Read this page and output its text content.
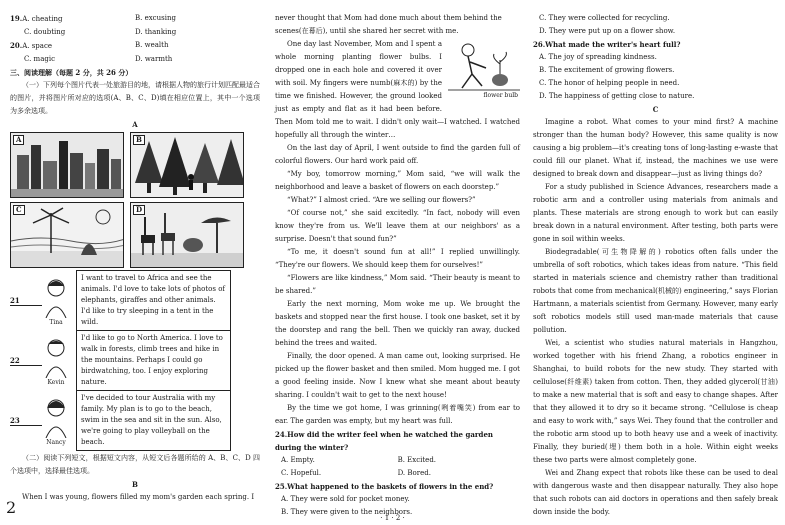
19.A. cheating	B. excusing
C. doubting	D. thanking
20.A. space	B. wealth
C. magic	D. warmth
三、阅读理解（每题 2 分，共 26 分）

（一）下列每个图片代表一处旅游目的地，请根据人物的旅行计划匹配最适合的图片，并将图片所对应的选项(A、B、C、D)填在相应位置上，其中一个选项为多余选项。

A
A	B
C	D
21
Tina
I want to travel to Africa and see the animals. I'd love to take lots of photos of elephants, giraffes and other animals. I'd like to try sleeping in a tent in the wild.
22
Kevin
I'd like to go to North America. I love to walk in forests, climb trees and hike in the mountains. Perhaps I could go birdwatching, too. I enjoy exploring nature.
23
Nancy
I've decided to tour Australia with my family. My plan is to go to the beach, swim in the sea and sit in the sun. Also, we're going to play volleyball on the beach.

（二）阅读下列短文，根据短文内容，从短文后各题所给的 A、B、C、D 四个选项中，选择最佳选项。

B

When I was young, flowers filled my mom's garden each spring. I

never thought that Mom had done much about them behind the scenes(在幕后), until she shared her secret with me.

flower bulb

One day last November, Mom and I spent a whole morning planting flower bulbs. I dropped one in each hole and covered it over with soil. My fingers were numb(麻木的) by the time we finished. However, the ground looked just as empty and flat as it had been before. Then Mom told me to wait. I didn't only wait—I watched. I watched hopefully all through the winter…

On the last day of April, I went outside to find the garden full of colorful flowers. Our hard work paid off.

“My boy, tomorrow morning,” Mom said, “we will walk the neighborhood and leave a basket of flowers on each doorstep.”

“What?” I almost cried. “Are we selling our flowers?”

“Of course not,” she said excitedly. “In fact, nobody will even know they're from us. We'll leave them at our neighbors' as a surprise. Doesn't that sound fun?”

“To me, it doesn't sound fun at all!” I replied unwillingly. “They're our flowers. We should keep them for ourselves!”

“Flowers are like kindness,” Mom said. “Their beauty is meant to be shared.”

Early the next morning, Mom woke me up. We brought the baskets and stopped near the first house. I took one basket, set it by the doorstep and rang the bell. Then we quickly ran away, ducked behind the trees and waited.

Finally, the door opened. A man came out, looking surprised. He picked up the flower basket and then smiled. Mom hugged me. I got a good feeling inside. Now I knew what she meant about beauty sharing. I couldn't wait to get to the next house!

By the time we got home, I was grinning(咧着嘴笑) from ear to ear. The garden was empty, but my heart was full.

24.How did the writer feel when he watched the garden during the winter?
A. Empty.	B. Excited.
C. Hopeful.	D. Bored.
25.What happened to the baskets of flowers in the end?
A. They were sold for pocket money.
B. They were given to the neighbors.
C. They were collected for recycling.
D. They were put up on a flower show.
26.What made the writer's heart full?
A. The joy of spreading kindness.
B. The excitement of growing flowers.
C. The honor of helping people in need.
D. The happiness of getting close to nature.
C

Imagine a robot. What comes to your mind first? A machine stronger than the human body? However, this same quality is now causing a big problem—it's creating tons of long-lasting e-waste that could fill our planet. What if, instead, the machines we use were designed to break down and disappear—just as living things do?

For a study published in Science Advances, researchers made a robotic arm and a controller using materials from animals and plants. These materials are strong enough to work but can easily break down in a natural environment. After testing, both parts were gone in soil within weeks.

Biodegradable(可生物降解的) robotics often falls under the umbrella of soft robotics, which takes ideas from nature. “This field started in materials science and chemistry rather than traditional robots that come from mechanical(机械的) engineering,” says Florian Hartmann, a materials scientist from Germany. However, many early soft robotics models still used man-made materials that cause pollution.

Wei, a scientist who studies natural materials in Hangzhou, worked together with his friend Zhang, a robotics engineer in Shanghai, to build robots for the new study. They started with cellulose(纤维素) taken from cotton. Then, they added glycerol(甘油) to make a new material that is soft and easy to change shapes. After that they allowed it to dry so it became strong. “Cellulose is cheap and easy to work with,” says Wei. They found that the controller and the robotic arm stood up to both heavy use and a week of inactivity. Finally, they buried(埋) them both in a hole. Within eight weeks these two parts were almost completely gone.

Wei and Zhang expect that robots like these can be used to deal with dangerous waste and then disappear naturally. They also hope that such robots can aid doctors in operations and then safely break down inside the body.

2
· 1 · 2 ·
